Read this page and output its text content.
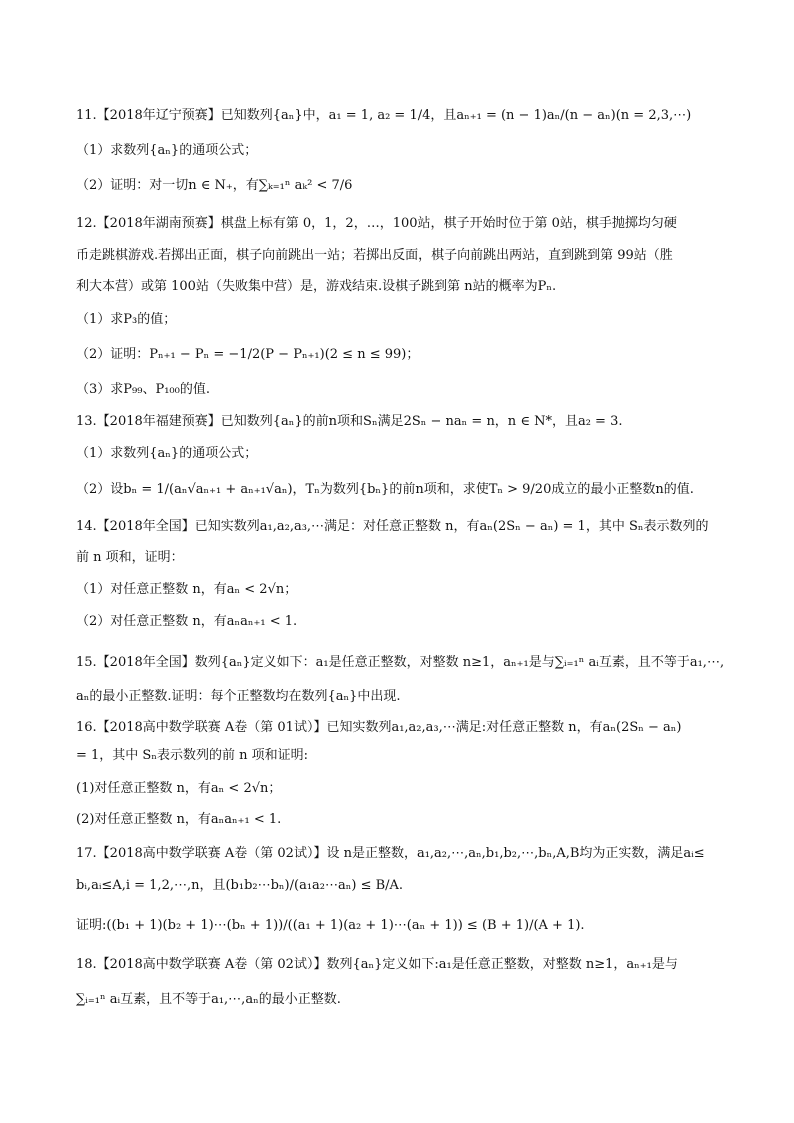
11.【2018年辽宁预赛】已知数列{aₙ}中，a₁ = 1, a₂ = 1/4，且aₙ₊₁ = (n − 1)aₙ/(n − aₙ)(n = 2,3,⋯)
（1）求数列{aₙ}的通项公式；
（2）证明：对一切n ∈ N₊，有∑ₖ₌₁ⁿ aₖ² < 7/6
12.【2018年湖南预赛】棋盘上标有第 0，1，2，…，100站，棋子开始时位于第 0站，棋手抛掷均匀硬
币走跳棋游戏.若掷出正面，棋子向前跳出一站；若掷出反面，棋子向前跳出两站，直到跳到第 99站（胜
利大本营）或第 100站（失败集中营）是，游戏结束.设棋子跳到第 n站的概率为Pₙ.
（1）求P₃的值；
（2）证明：Pₙ₊₁ − Pₙ = −1/2(P − Pₙ₊₁)(2 ≤ n ≤ 99)；
（3）求P₉₉、P₁₀₀的值.
13.【2018年福建预赛】已知数列{aₙ}的前n项和Sₙ满足2Sₙ − naₙ = n，n ∈ N*，且a₂ = 3.
（1）求数列{aₙ}的通项公式；
（2）设bₙ = 1/(aₙ√aₙ₊₁ + aₙ₊₁√aₙ)，Tₙ为数列{bₙ}的前n项和，求使Tₙ > 9/20成立的最小正整数n的值.
14.【2018年全国】已知实数列a₁,a₂,a₃,⋯满足：对任意正整数 n，有aₙ(2Sₙ − aₙ) = 1，其中 Sₙ表示数列的
前 n 项和，证明：
（1）对任意正整数 n，有aₙ < 2√n；
（2）对任意正整数 n，有aₙaₙ₊₁ < 1.
15.【2018年全国】数列{aₙ}定义如下：a₁是任意正整数，对整数 n≥1，aₙ₊₁是与∑ᵢ₌₁ⁿ aᵢ互素，且不等于a₁,⋯,
aₙ的最小正整数.证明：每个正整数均在数列{aₙ}中出现.
16.【2018高中数学联赛 A卷（第 01试）】已知实数列a₁,a₂,a₃,⋯满足:对任意正整数 n，有aₙ(2Sₙ − aₙ)
= 1，其中 Sₙ表示数列的前 n 项和证明:
(1)对任意正整数 n，有aₙ < 2√n；
(2)对任意正整数 n，有aₙaₙ₊₁ < 1.
17.【2018高中数学联赛 A卷（第 02试）】设 n是正整数，a₁,a₂,⋯,aₙ,b₁,b₂,⋯,bₙ,A,B均为正实数，满足aᵢ≤
bᵢ,aᵢ≤A,i = 1,2,⋯,n，且(b₁b₂⋯bₙ)/(a₁a₂⋯aₙ) ≤ B/A.
证明:((b₁ + 1)(b₂ + 1)⋯(bₙ + 1))/((a₁ + 1)(a₂ + 1)⋯(aₙ + 1)) ≤ (B + 1)/(A + 1).
18.【2018高中数学联赛 A卷（第 02试）】数列{aₙ}定义如下:a₁是任意正整数，对整数 n≥1，aₙ₊₁是与
∑ᵢ₌₁ⁿ aᵢ互素，且不等于a₁,⋯,aₙ的最小正整数.
